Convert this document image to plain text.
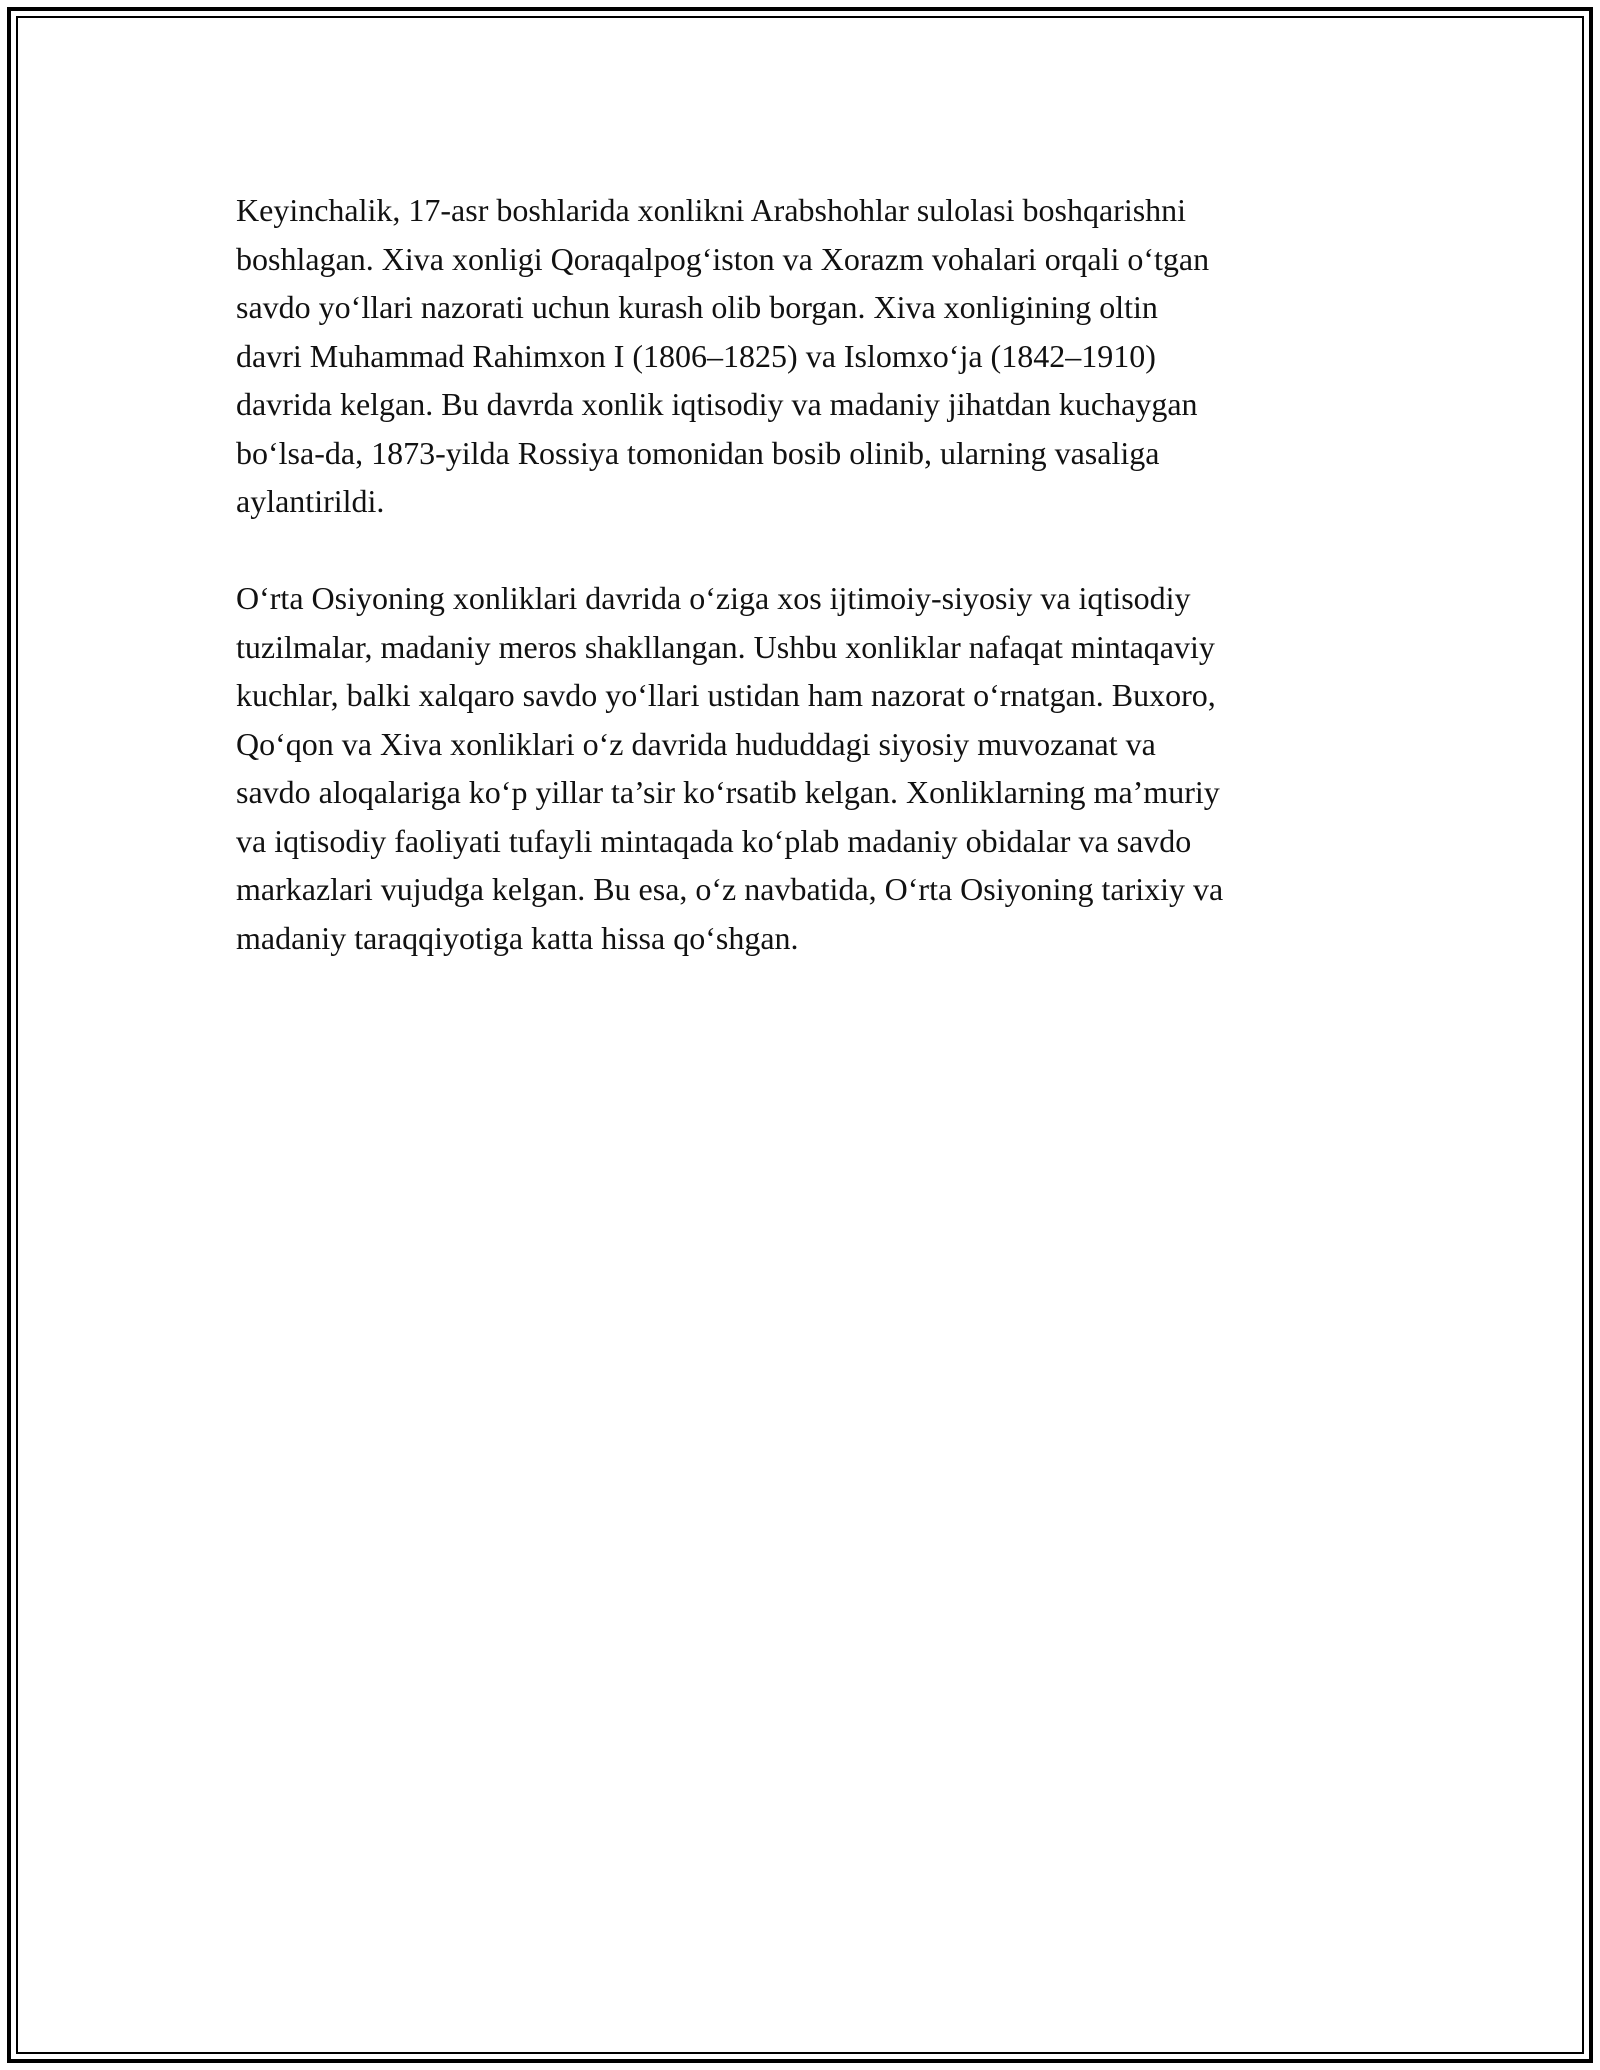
Keyinchalik, 17-asr boshlarida xonlikni Arabshohlar sulolasi boshqarishni
boshlagan. Xiva xonligi Qoraqalpog‘iston va Xorazm vohalari orqali o‘tgan
savdo yo‘llari nazorati uchun kurash olib borgan. Xiva xonligining oltin
davri Muhammad Rahimxon I (1806–1825) va Islomxo‘ja (1842–1910)
davrida kelgan. Bu davrda xonlik iqtisodiy va madaniy jihatdan kuchaygan
bo‘lsa-da, 1873-yilda Rossiya tomonidan bosib olinib, ularning vasaliga
aylantirildi.

O‘rta Osiyoning xonliklari davrida o‘ziga xos ijtimoiy-siyosiy va iqtisodiy
tuzilmalar, madaniy meros shakllangan. Ushbu xonliklar nafaqat mintaqaviy
kuchlar, balki xalqaro savdo yo‘llari ustidan ham nazorat o‘rnatgan. Buxoro,
Qo‘qon va Xiva xonliklari o‘z davrida hududdagi siyosiy muvozanat va
savdo aloqalariga ko‘p yillar ta’sir ko‘rsatib kelgan. Xonliklarning ma’muriy
va iqtisodiy faoliyati tufayli mintaqada ko‘plab madaniy obidalar va savdo
markazlari vujudga kelgan. Bu esa, o‘z navbatida, O‘rta Osiyoning tarixiy va
madaniy taraqqiyotiga katta hissa qo‘shgan.
